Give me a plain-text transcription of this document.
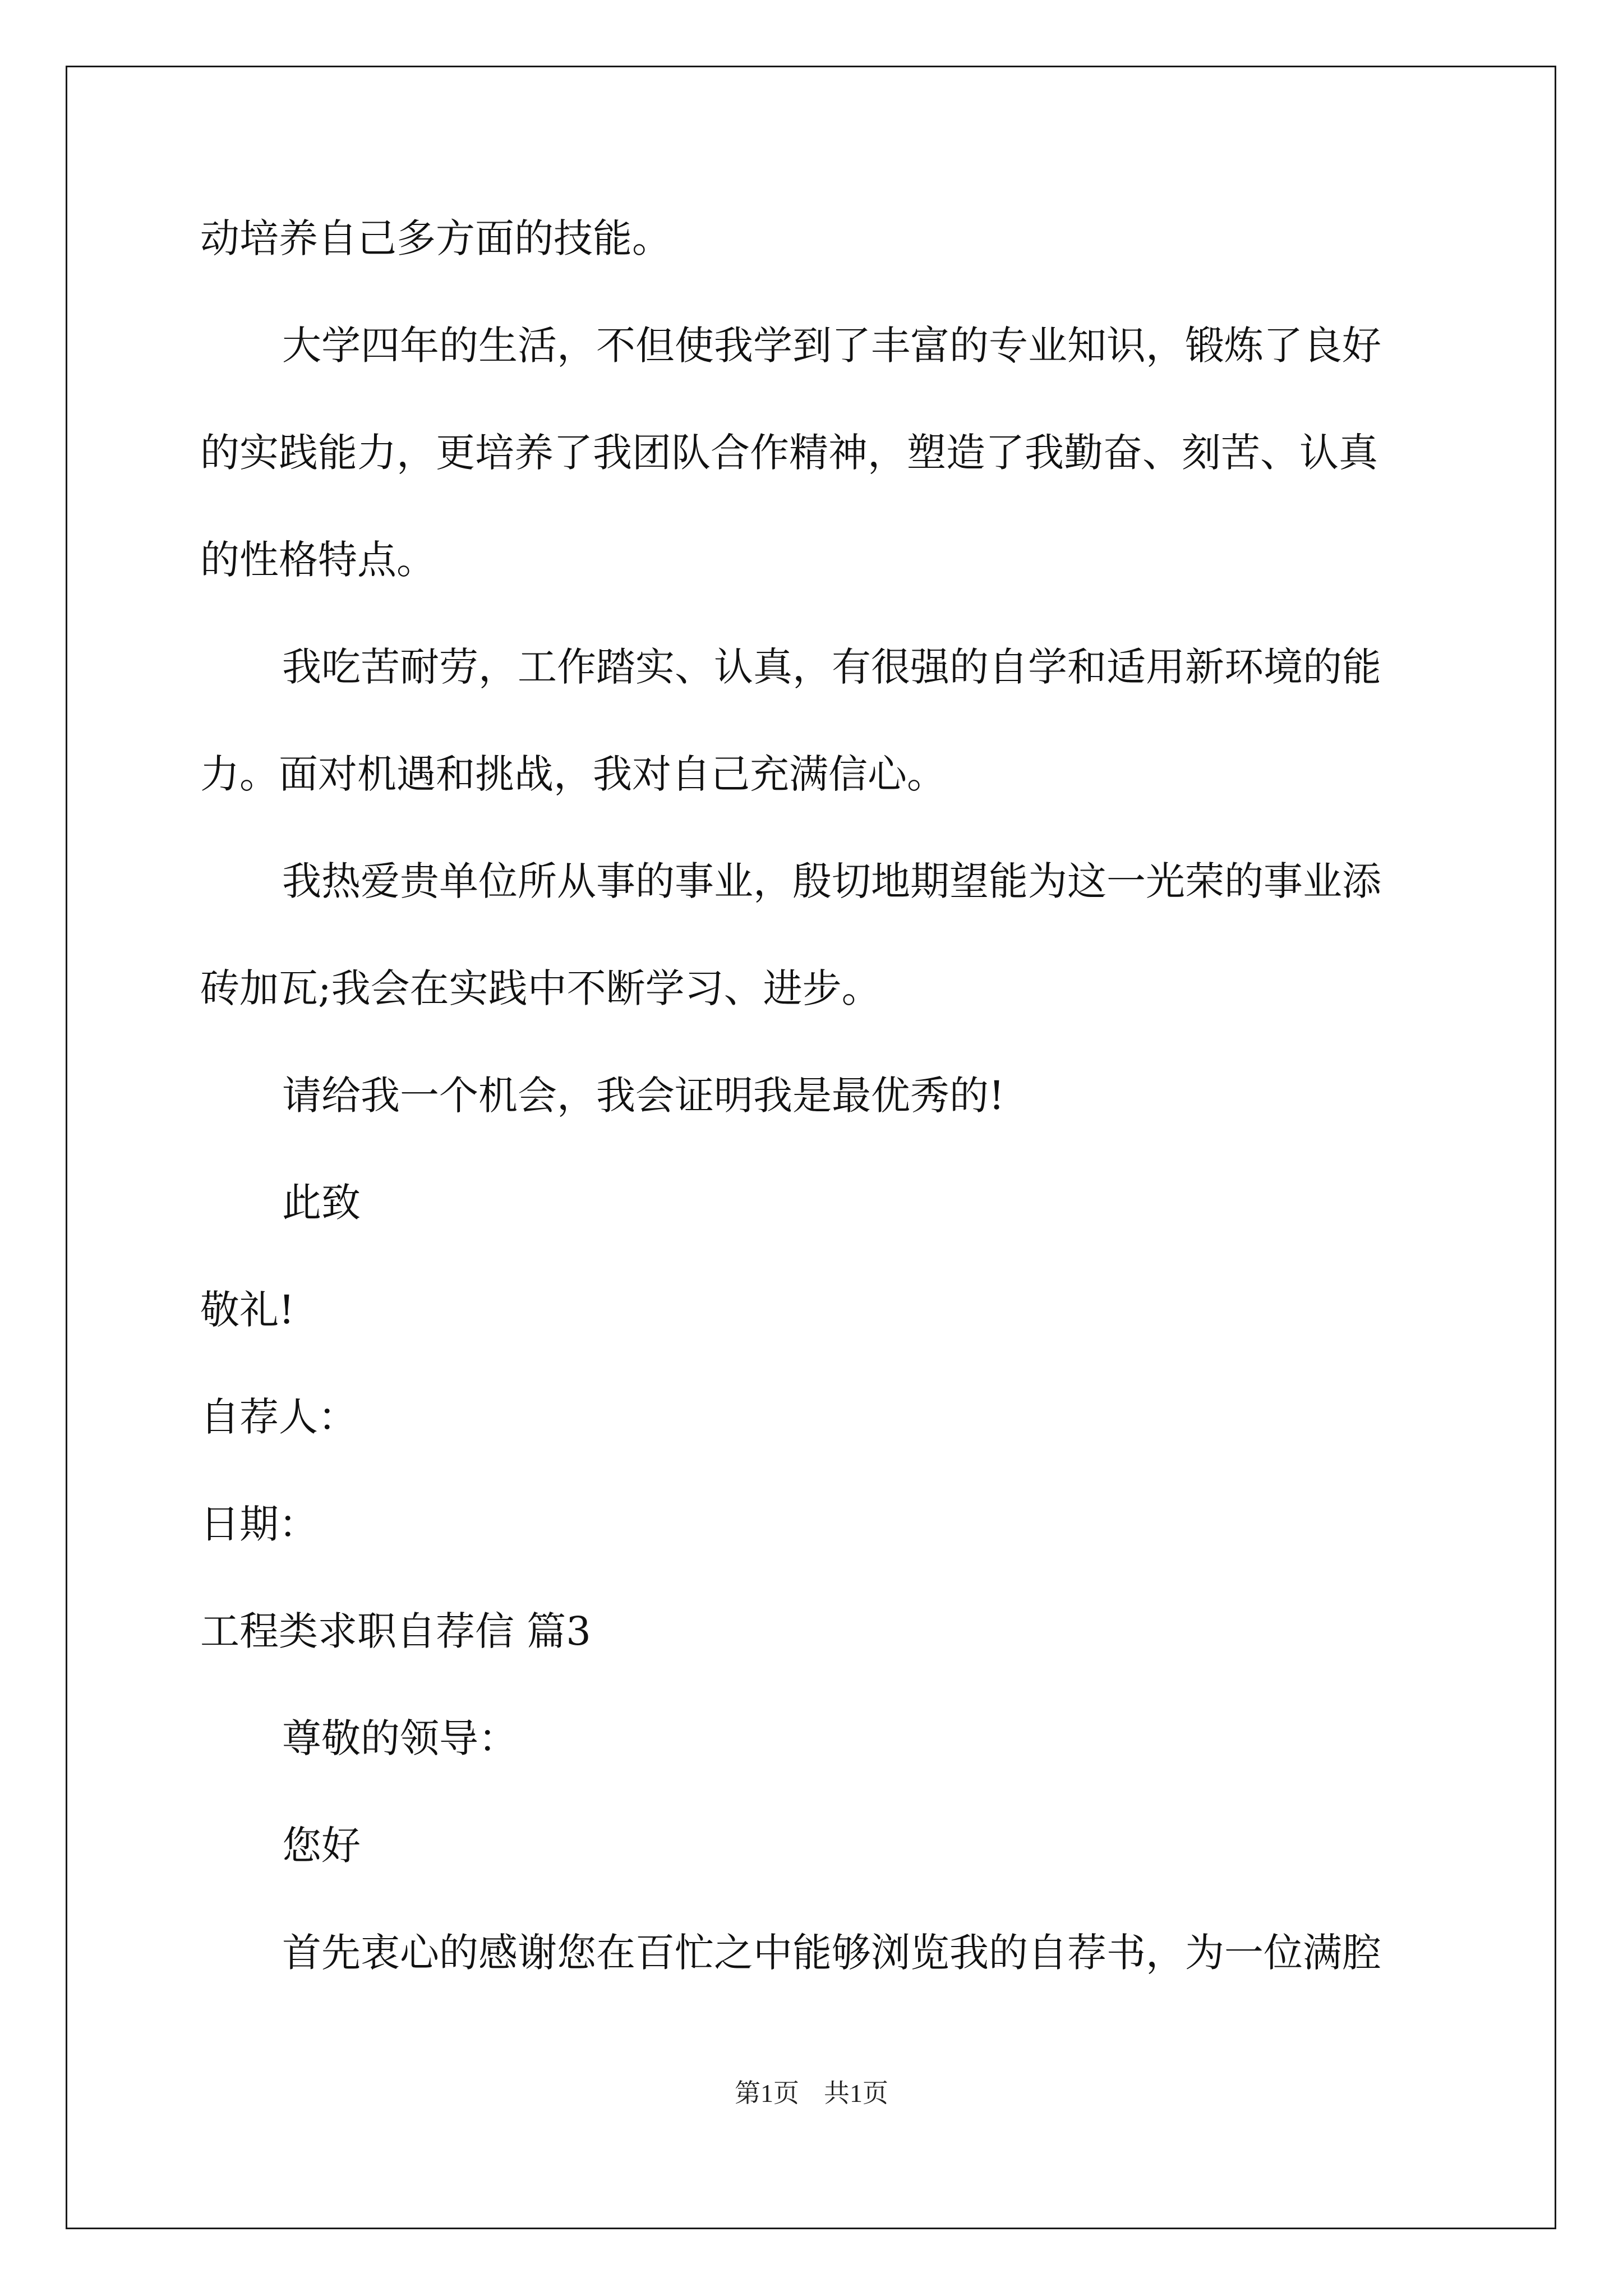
动培养自己多方面的技能。
大学四年的生活，不但使我学到了丰富的专业知识，锻炼了良好
的实践能力，更培养了我团队合作精神，塑造了我勤奋、刻苦、认真
的性格特点。
我吃苦耐劳，工作踏实、认真，有很强的自学和适用新环境的能
力。面对机遇和挑战，我对自己充满信心。
我热爱贵单位所从事的事业，殷切地期望能为这一光荣的事业添
砖加瓦;我会在实践中不断学习、进步。
请给我一个机会，我会证明我是最优秀的!
此致
敬礼!
自荐人：
日期：
工程类求职自荐信 篇3
尊敬的领导：
您好
首先衷心的感谢您在百忙之中能够浏览我的自荐书，为一位满腔
第1页 共1页
